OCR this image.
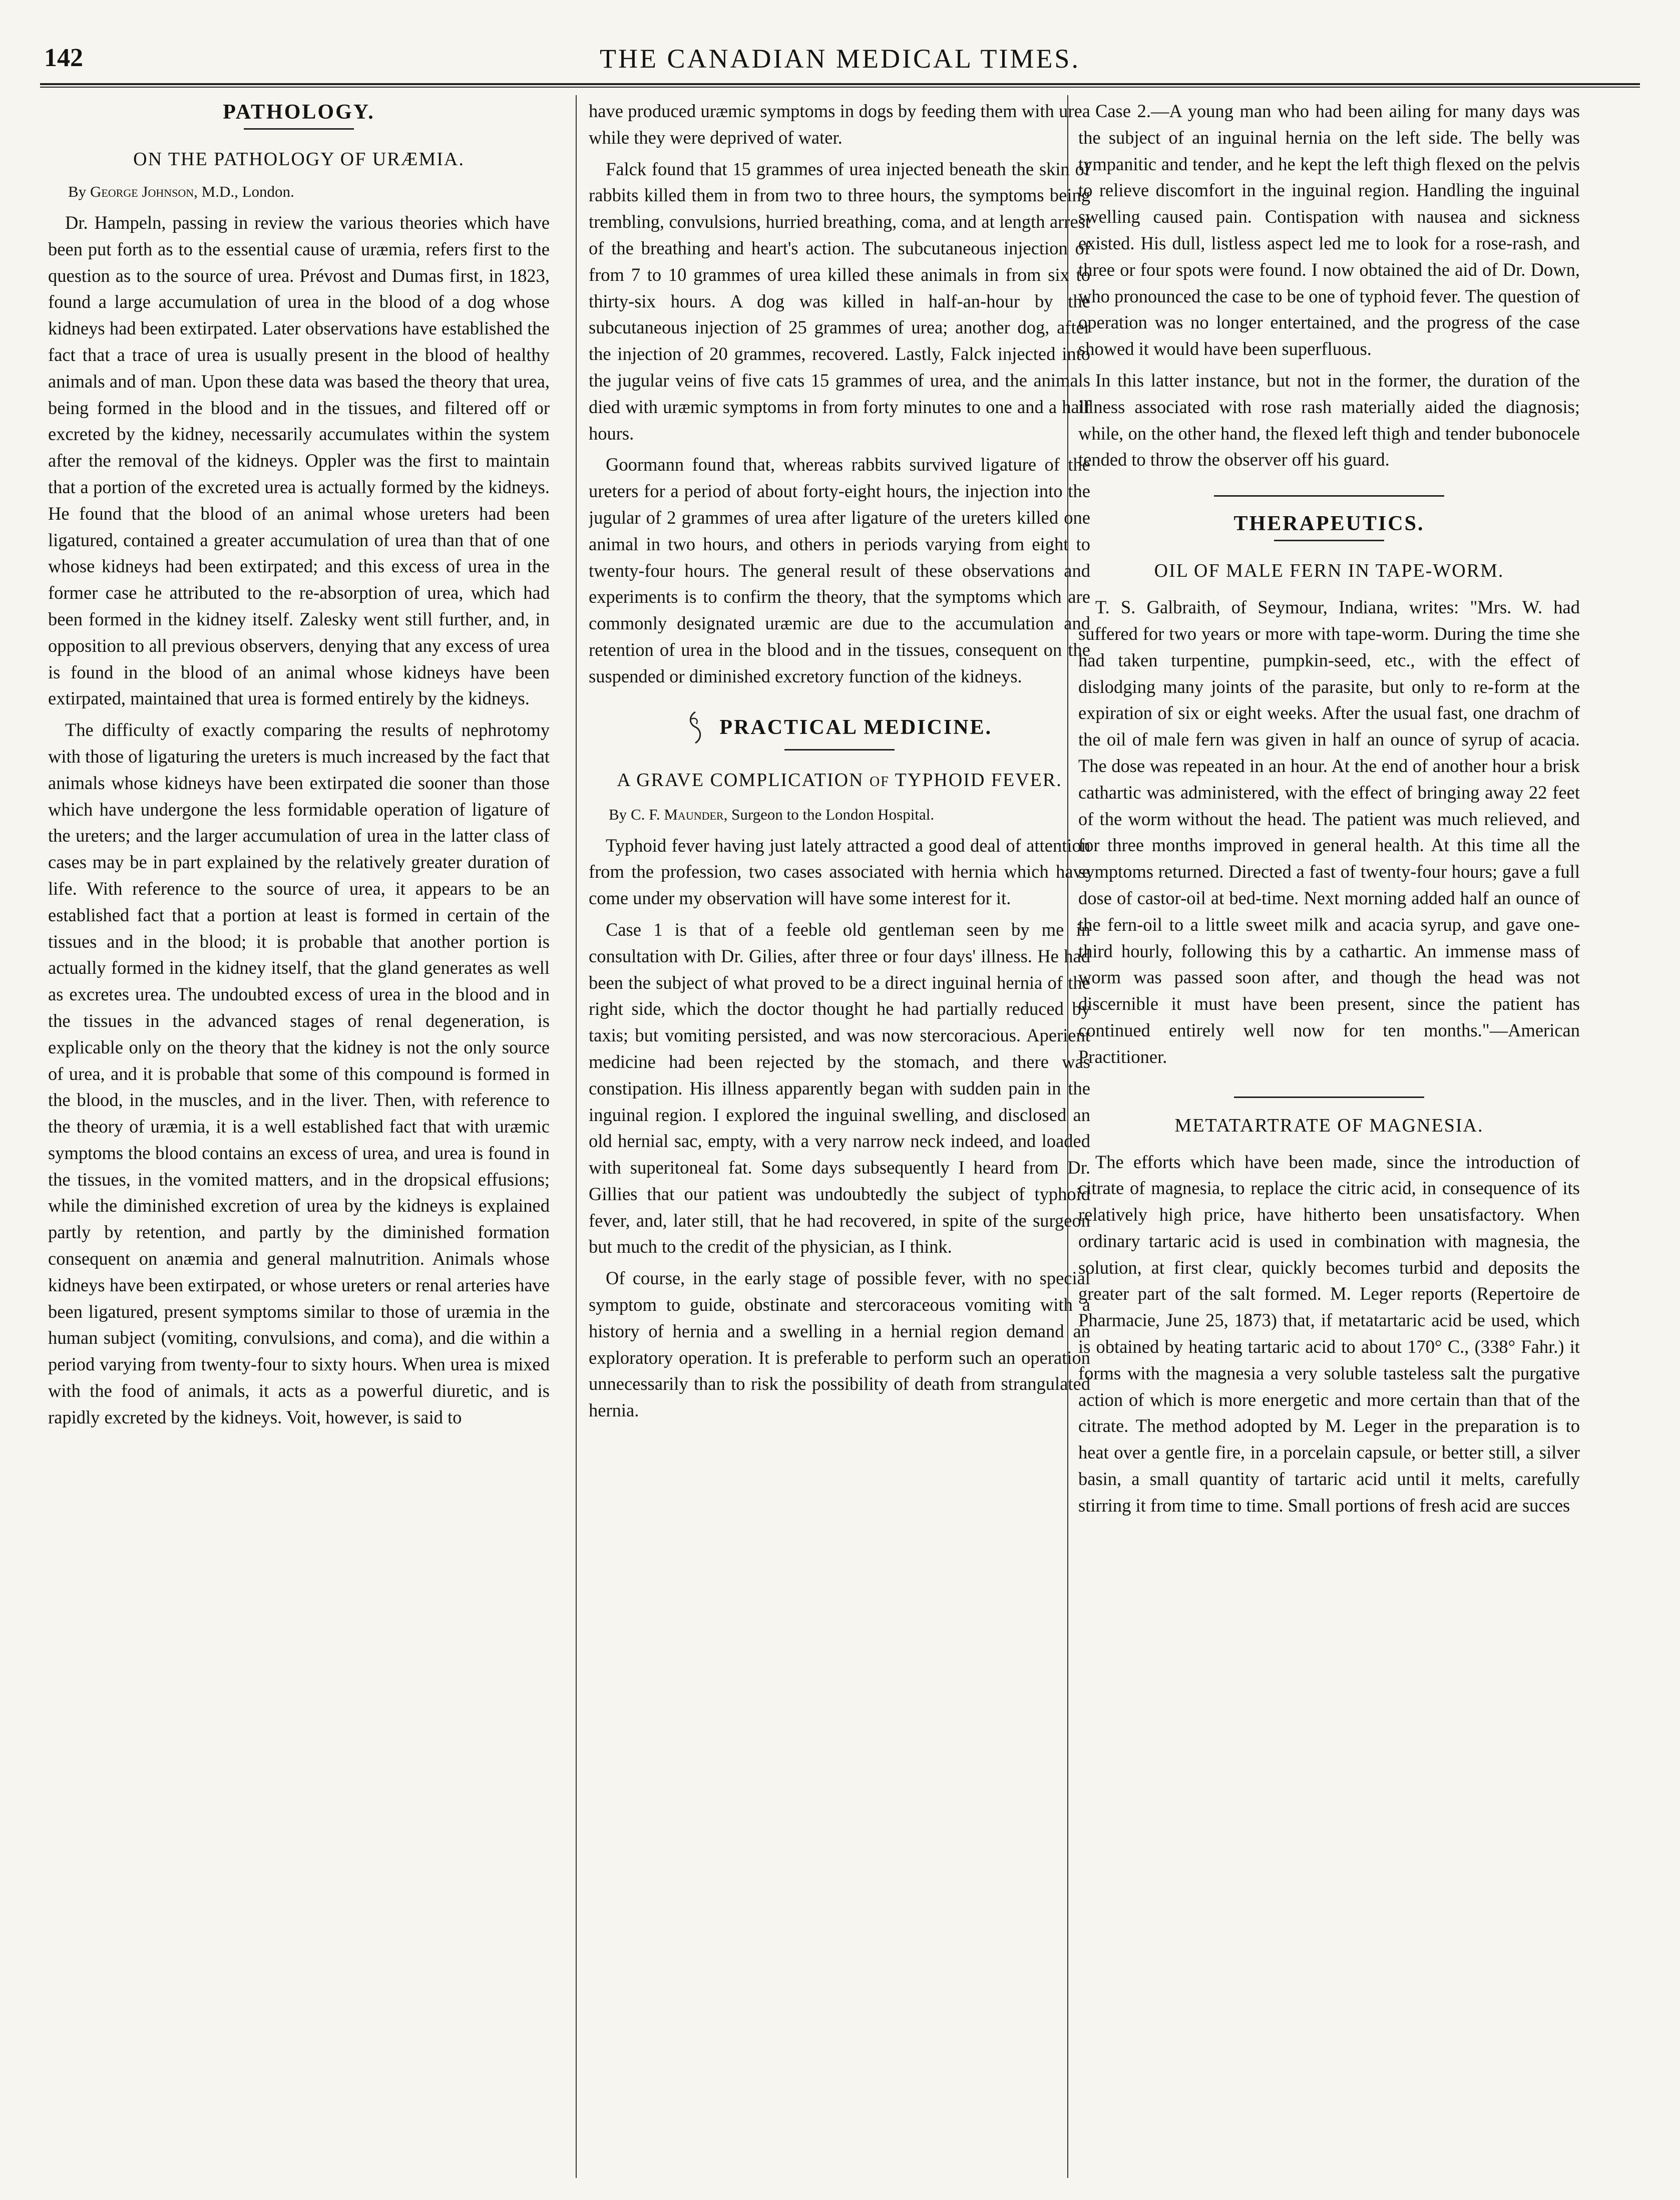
142	THE CANADIAN MEDICAL TIMES.
PATHOLOGY.
ON THE PATHOLOGY OF URÆMIA.
By George Johnson, M.D., London.

Dr. Hampeln, passing in review the various theories which have been put forth as to the essential cause of uræmia, refers first to the question as to the source of urea. Prévost and Dumas first, in 1823, found a large accumulation of urea in the blood of a dog whose kidneys had been extirpated. Later observations have established the fact that a trace of urea is usually present in the blood of healthy animals and of man. Upon these data was based the theory that urea, being formed in the blood and in the tissues, and filtered off or excreted by the kidney, necessarily accumulates within the system after the removal of the kidneys. Oppler was the first to maintain that a portion of the excreted urea is actually formed by the kidneys. He found that the blood of an animal whose ureters had been ligatured, contained a greater accumulation of urea than that of one whose kidneys had been extirpated; and this excess of urea in the former case he attributed to the re-absorption of urea, which had been formed in the kidney itself. Zalesky went still further, and, in opposition to all previous observers, denying that any excess of urea is found in the blood of an animal whose kidneys have been extirpated, maintained that urea is formed entirely by the kidneys.

The difficulty of exactly comparing the results of nephrotomy with those of ligaturing the ureters is much increased by the fact that animals whose kidneys have been extirpated die sooner than those which have undergone the less formidable operation of ligature of the ureters; and the larger accumulation of urea in the latter class of cases may be in part explained by the relatively greater duration of life. With reference to the source of urea, it appears to be an established fact that a portion at least is formed in certain of the tissues and in the blood; it is probable that another portion is actually formed in the kidney itself, that the gland generates as well as excretes urea. The undoubted excess of urea in the blood and in the tissues in the advanced stages of renal degeneration, is explicable only on the theory that the kidney is not the only source of urea, and it is probable that some of this compound is formed in the blood, in the muscles, and in the liver. Then, with reference to the theory of uræmia, it is a well established fact that with uræmic symptoms the blood contains an excess of urea, and urea is found in the tissues, in the vomited matters, and in the dropsical effusions; while the diminished excretion of urea by the kidneys is explained partly by retention, and partly by the diminished formation consequent on anæmia and general malnutrition. Animals whose kidneys have been extirpated, or whose ureters or renal arteries have been ligatured, present symptoms similar to those of uræmia in the human subject (vomiting, convulsions, and coma), and die within a period varying from twenty-four to sixty hours. When urea is mixed with the food of animals, it acts as a powerful diuretic, and is rapidly excreted by the kidneys. Voit, however, is said to

have produced uræmic symptoms in dogs by feeding them with urea while they were deprived of water.

Falck found that 15 grammes of urea injected beneath the skin of rabbits killed them in from two to three hours, the symptoms being trembling, convulsions, hurried breathing, coma, and at length arrest of the breathing and heart's action. The subcutaneous injection of from 7 to 10 grammes of urea killed these animals in from six to thirty-six hours. A dog was killed in half-an-hour by the subcutaneous injection of 25 grammes of urea; another dog, after the injection of 20 grammes, recovered. Lastly, Falck injected into the jugular veins of five cats 15 grammes of urea, and the animals died with uræmic symptoms in from forty minutes to one and a half hours.

Goormann found that, whereas rabbits survived ligature of the ureters for a period of about forty-eight hours, the injection into the jugular of 2 grammes of urea after ligature of the ureters killed one animal in two hours, and others in periods varying from eight to twenty-four hours. The general result of these observations and experiments is to confirm the theory, that the symptoms which are commonly designated uræmic are due to the accumulation and retention of urea in the blood and in the tissues, consequent on the suspended or diminished excretory function of the kidneys.

PRACTICAL MEDICINE.
A GRAVE COMPLICATION OF TYPHOID FEVER.
By C. F. Maunder, Surgeon to the London Hospital.

Typhoid fever having just lately attracted a good deal of attention from the profession, two cases associated with hernia which have come under my observation will have some interest for it.

Case 1 is that of a feeble old gentleman seen by me in consultation with Dr. Gilies, after three or four days' illness. He had been the subject of what proved to be a direct inguinal hernia of the right side, which the doctor thought he had partially reduced by taxis; but vomiting persisted, and was now stercoracious. Aperient medicine had been rejected by the stomach, and there was constipation. His illness apparently began with sudden pain in the inguinal region. I explored the inguinal swelling, and disclosed an old hernial sac, empty, with a very narrow neck indeed, and loaded with superitoneal fat. Some days subsequently I heard from Dr. Gillies that our patient was undoubtedly the subject of typhoid fever, and, later still, that he had recovered, in spite of the surgeon but much to the credit of the physician, as I think.

Of course, in the early stage of possible fever, with no special symptom to guide, obstinate and stercoraceous vomiting with a history of hernia and a swelling in a hernial region demand an exploratory operation. It is preferable to perform such an operation unnecessarily than to risk the possibility of death from strangulated hernia.

Case 2.—A young man who had been ailing for many days was the subject of an inguinal hernia on the left side. The belly was tympanitic and tender, and he kept the left thigh flexed on the pelvis to relieve discomfort in the inguinal region. Handling the inguinal swelling caused pain. Contispation with nausea and sickness existed. His dull, listless aspect led me to look for a rose-rash, and three or four spots were found. I now obtained the aid of Dr. Down, who pronounced the case to be one of typhoid fever. The question of operation was no longer entertained, and the progress of the case showed it would have been superfluous.

In this latter instance, but not in the former, the duration of the illness associated with rose rash materially aided the diagnosis; while, on the other hand, the flexed left thigh and tender bubonocele tended to throw the observer off his guard.

THERAPEUTICS.
OIL OF MALE FERN IN TAPE-WORM.

T. S. Galbraith, of Seymour, Indiana, writes: "Mrs. W. had suffered for two years or more with tape-worm. During the time she had taken turpentine, pumpkin-seed, etc., with the effect of dislodging many joints of the parasite, but only to re-form at the expiration of six or eight weeks. After the usual fast, one drachm of the oil of male fern was given in half an ounce of syrup of acacia. The dose was repeated in an hour. At the end of another hour a brisk cathartic was administered, with the effect of bringing away 22 feet of the worm without the head. The patient was much relieved, and for three months improved in general health. At this time all the symptoms returned. Directed a fast of twenty-four hours; gave a full dose of castor-oil at bed-time. Next morning added half an ounce of the fern-oil to a little sweet milk and acacia syrup, and gave one-third hourly, following this by a cathartic. An immense mass of worm was passed soon after, and though the head was not discernible it must have been present, since the patient has continued entirely well now for ten months."—American Practitioner.

METATARTRATE OF MAGNESIA.

The efforts which have been made, since the introduction of citrate of magnesia, to replace the citric acid, in consequence of its relatively high price, have hitherto been unsatisfactory. When ordinary tartaric acid is used in combination with magnesia, the solution, at first clear, quickly becomes turbid and deposits the greater part of the salt formed. M. Leger reports (Repertoire de Pharmacie, June 25, 1873) that, if metatartaric acid be used, which is obtained by heating tartaric acid to about 170° C., (338° Fahr.) it forms with the magnesia a very soluble tasteless salt the purgative action of which is more energetic and more certain than that of the citrate. The method adopted by M. Leger in the preparation is to heat over a gentle fire, in a porcelain capsule, or better still, a silver basin, a small quantity of tartaric acid until it melts, carefully stirring it from time to time. Small portions of fresh acid are succes
